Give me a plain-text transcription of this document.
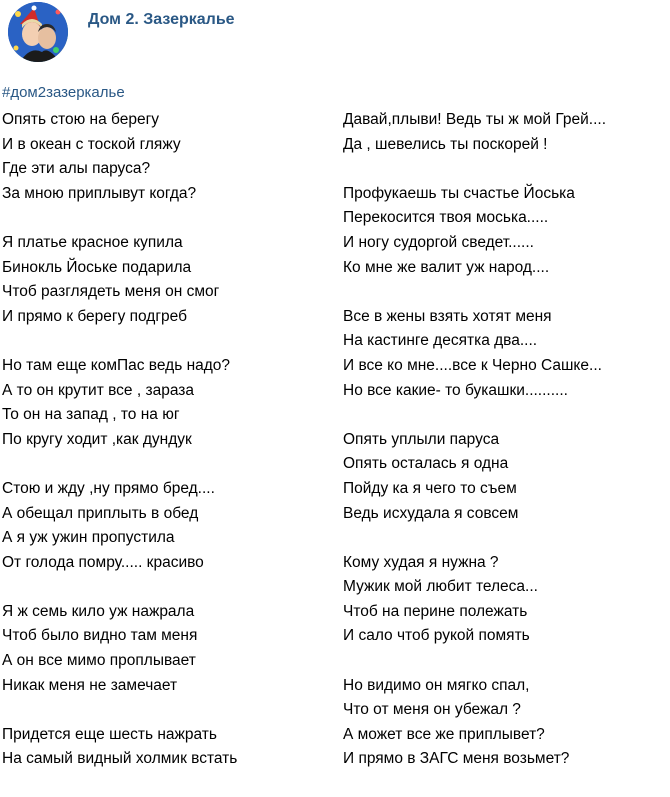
Дом 2. Зазеркалье
#дом2зазеркалье
Опять стою на берегу
И в океан с тоской гляжу
Где эти алы паруса?
За мною приплывут когда?
Я платье красное купила
Бинокль Йоське подарила
Чтоб разглядеть меня он смог
И прямо к берегу подгреб
Но там еще комПас ведь надо?
А то он крутит все , зараза
То он на запад , то на юг
По кругу ходит ,как дундук
Стою и жду ,ну прямо бред....
А обещал приплыть в обед
А я уж ужин пропустила
От голода помру..... красиво
Я ж семь кило уж нажрала
Чтоб было видно там меня
А он все мимо проплывает
Никак меня не замечает
Придется еще шесть нажрать
На самый видный холмик встать
Давай,плыви! Ведь ты ж мой Грей....
Да , шевелись ты поскорей !
Профукаешь ты счастье Йоська
Перекосится твоя моська.....
И ногу судоргой сведет......
Ко мне же валит уж народ....
Все в жены взять хотят меня
На кастинге десятка два....
И все ко мне....все к Черно Сашке...
Но все какие- то букашки..........
Опять уплыли паруса
Опять осталась я одна
Пойду ка я чего то съем
Ведь исхудала я совсем
Кому худая я нужна ?
Мужик мой любит телеса...
Чтоб на перине полежать
И сало чтоб рукой помять
Но видимо он мягко спал,
Что от меня он убежал ?
А может все же приплывет?
И прямо в ЗАГС меня возьмет?
